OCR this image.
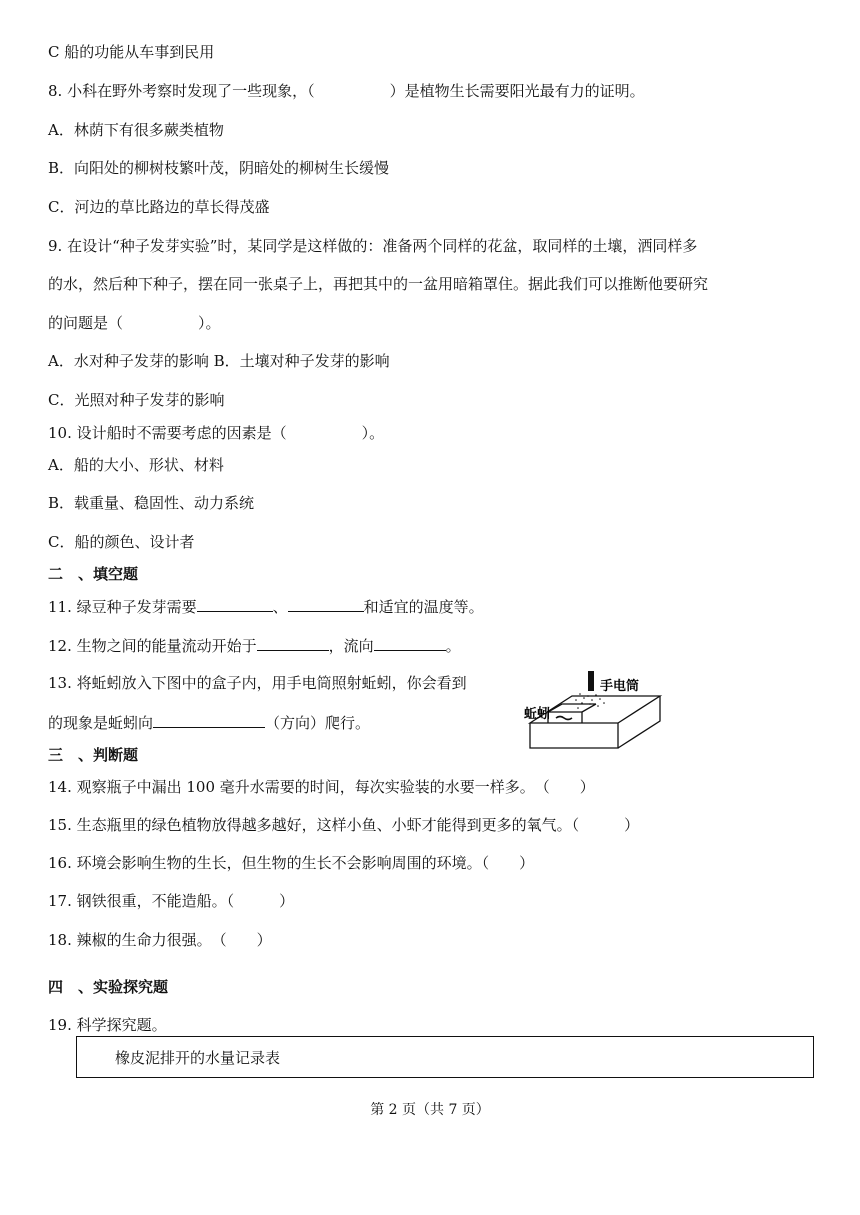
C 船的功能从车事到民用
8. 小科在野外考察时发现了一些现象，（　　　　　）是植物生长需要阳光最有力的证明。
A．林荫下有很多蕨类植物
B．向阳处的柳树枝繁叶茂，阴暗处的柳树生长缓慢
C．河边的草比路边的草长得茂盛
9. 在设计“种子发芽实验”时，某同学是这样做的：准备两个同样的花盆，取同样的土壤，洒同样多
的水，然后种下种子，摆在同一张桌子上，再把其中的一盆用暗箱罩住。据此我们可以推断他要研究
的问题是（　　　　　）。
A．水对种子发芽的影响 B．土壤对种子发芽的影响
C．光照对种子发芽的影响
10. 设计船时不需要考虑的因素是（　　　　　）。
A．船的大小、形状、材料
B．载重量、稳固性、动力系统
C．船的颜色、设计者
二　、填空题
11. 绿豆种子发芽需要	、	和适宜的温度等。
12. 生物之间的能量流动开始于	，流向	。
13. 将蚯蚓放入下图中的盒子内，用手电筒照射蚯蚓，你会看到
的现象是蚯蚓向	（方向）爬行。
手电筒
蚯蚓
三　、判断题
14. 观察瓶子中漏出 100 毫升水需要的时间，每次实验装的水要一样多。　（　　）
15. 生态瓶里的绿色植物放得越多越好，这样小鱼、小虾才能得到更多的氧气。（　　　）
16. 环境会影响生物的生长，但生物的生长不会影响周围的环境。（　　）
17. 钢铁很重，不能造船。（　　　）
18. 辣椒的生命力很强。　（　　）
四　、实验探究题
19. 科学探究题。
橡皮泥排开的水量记录表
第 2 页（共 7 页）
